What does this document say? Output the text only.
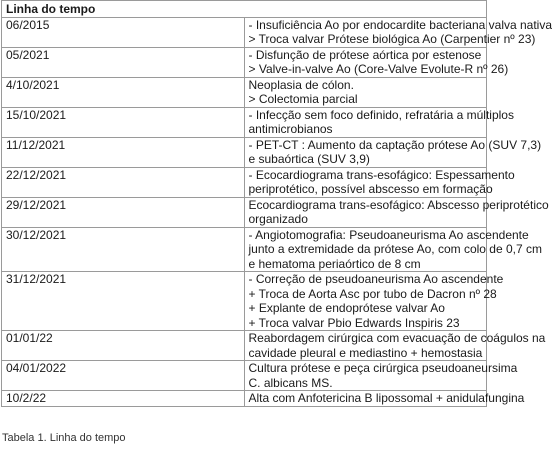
Linha do tempo	
06/2015	- Insuficiência Ao por endocardite bacteriana valva nativa
> Troca valvar Prótese biológica Ao (Carpentier nº 23)

05/2021	- Disfunção de prótese aórtica por estenose
> Valve-in-valve Ao (Core-Valve Evolute-R nº 26)

4/10/2021	Neoplasia de cólon.
> Colectomia parcial

15/10/2021	- Infecção sem foco definido, refratária a múltiplos
antimicrobianos

11/12/2021	- PET-CT : Aumento da captação prótese Ao (SUV 7,3)
e subaórtica (SUV 3,9)

22/12/2021	- Ecocardiograma trans-esofágico: Espessamento
periprotético, possível abscesso em formação

29/12/2021	Ecocardiograma trans-esofágico: Abscesso periprotético
organizado

30/12/2021	- Angiotomografia: Pseudoaneurisma Ao ascendente
junto a extremidade da prótese Ao, com colo de 0,7 cm
e hematoma periaórtico de 8 cm

31/12/2021	- Correção de pseudoaneurisma Ao ascendente
+ Troca de Aorta Asc por tubo de Dacron nº 28
+ Explante de endoprótese valvar Ao
+ Troca valvar Pbio Edwards Inspiris 23

01/01/22	Reabordagem cirúrgica com evacuação de coágulos na
cavidade pleural e mediastino + hemostasia

04/01/2022	Cultura prótese e peça cirúrgica pseudoaneursima
C. albicans MS.

10/2/22	Alta com Anfotericina B lipossomal + anidulafungina
Tabela 1. Linha do tempo
